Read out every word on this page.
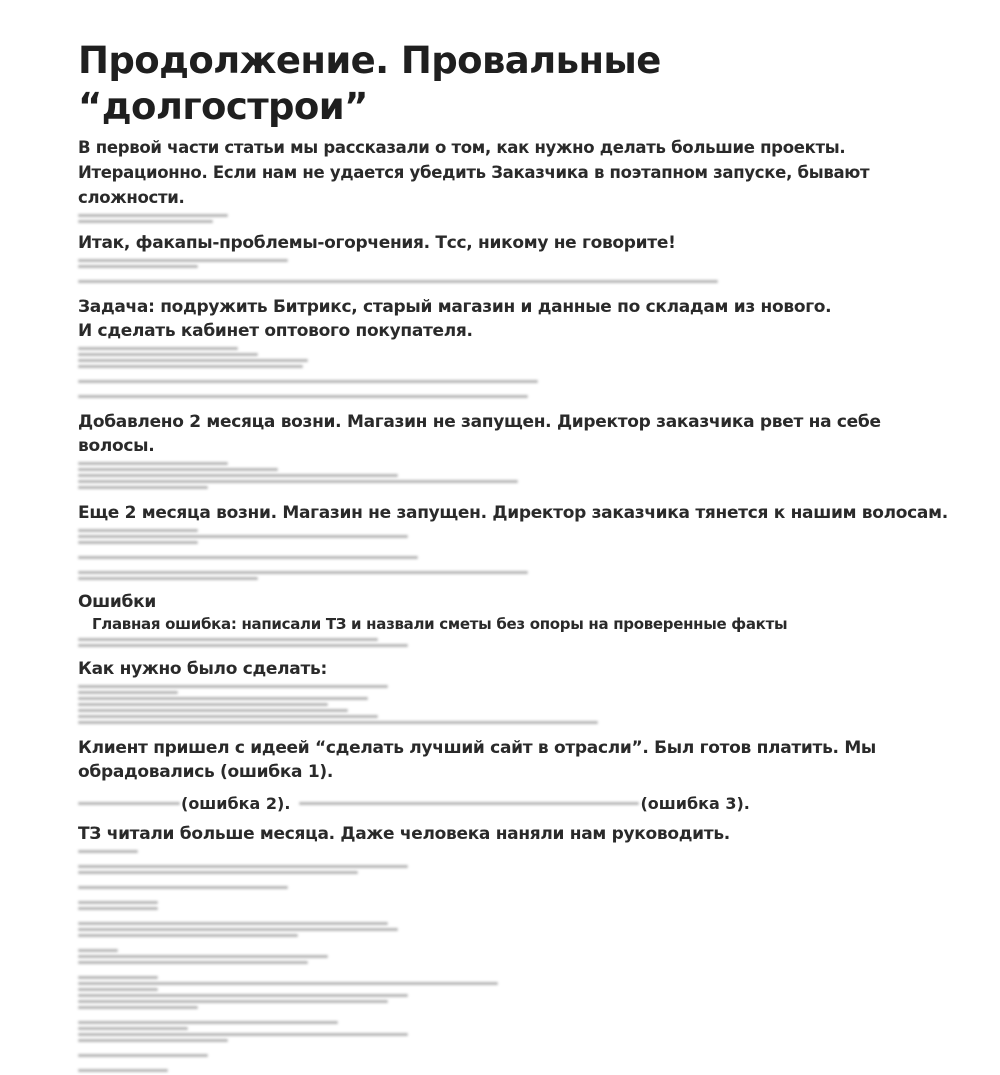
Продолжение. Провальные “долгострои”

В первой части статьи мы рассказали о том, как нужно делать большие проекты. Итерационно. Если нам не удается убедить Заказчика в поэтапном запуске, бывают сложности.

Итак, факапы-проблемы-огорчения. Тсс, никому не говорите!
Задача: подружить Битрикс, старый магазин и данные по складам из нового.
И сделать кабинет оптового покупателя.
Добавлено 2 месяца возни. Магазин не запущен. Директор заказчика рвет на себе волосы.
Еще 2 месяца возни. Магазин не запущен. Директор заказчика тянется к нашим волосам.
Ошибки
Главная ошибка: написали ТЗ и назвали сметы без опоры на проверенные факты
Как нужно было сделать:
Клиент пришел с идеей “сделать лучший сайт в отрасли”. Был готов платить. Мы обрадовались (ошибка 1).
(ошибка 2).	(ошибка 3).
ТЗ читали больше месяца. Даже человека наняли нам руководить.
